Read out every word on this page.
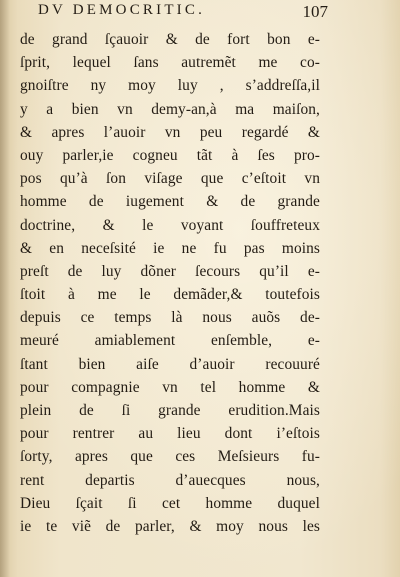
DV DEMOCRITIC.	107
de grand ſçauoir & de fort bon e-
ſprit, lequel ſans autremẽt me co-
gnoiſtre ny moy luy , s’addreſſa,il
y a bien vn demy-an,à ma maiſon,
& apres l’auoir vn peu regardé &
ouy parler,ie cogneu tãt à ſes pro-
pos qu’à ſon viſage que c’eſtoit vn
homme de iugement & de grande
doctrine, & le voyant ſouffreteux
& en neceſsité ie ne fu pas moins
preſt de luy dõner ſecours qu’il e-
ſtoit à me le demãder,& toutefois
depuis ce temps là nous auõs de-
meuré amiablement enſemble, e-
ſtant bien aiſe d’auoir recouuré
pour compagnie vn tel homme &
plein de ſi grande erudition.Mais
pour rentrer au lieu dont i’eſtois
ſorty, apres que ces Meſsieurs fu-
rent departis d’auecques nous,
Dieu ſçait ſi cet homme duquel
ie te viẽ de parler, & moy nous les
